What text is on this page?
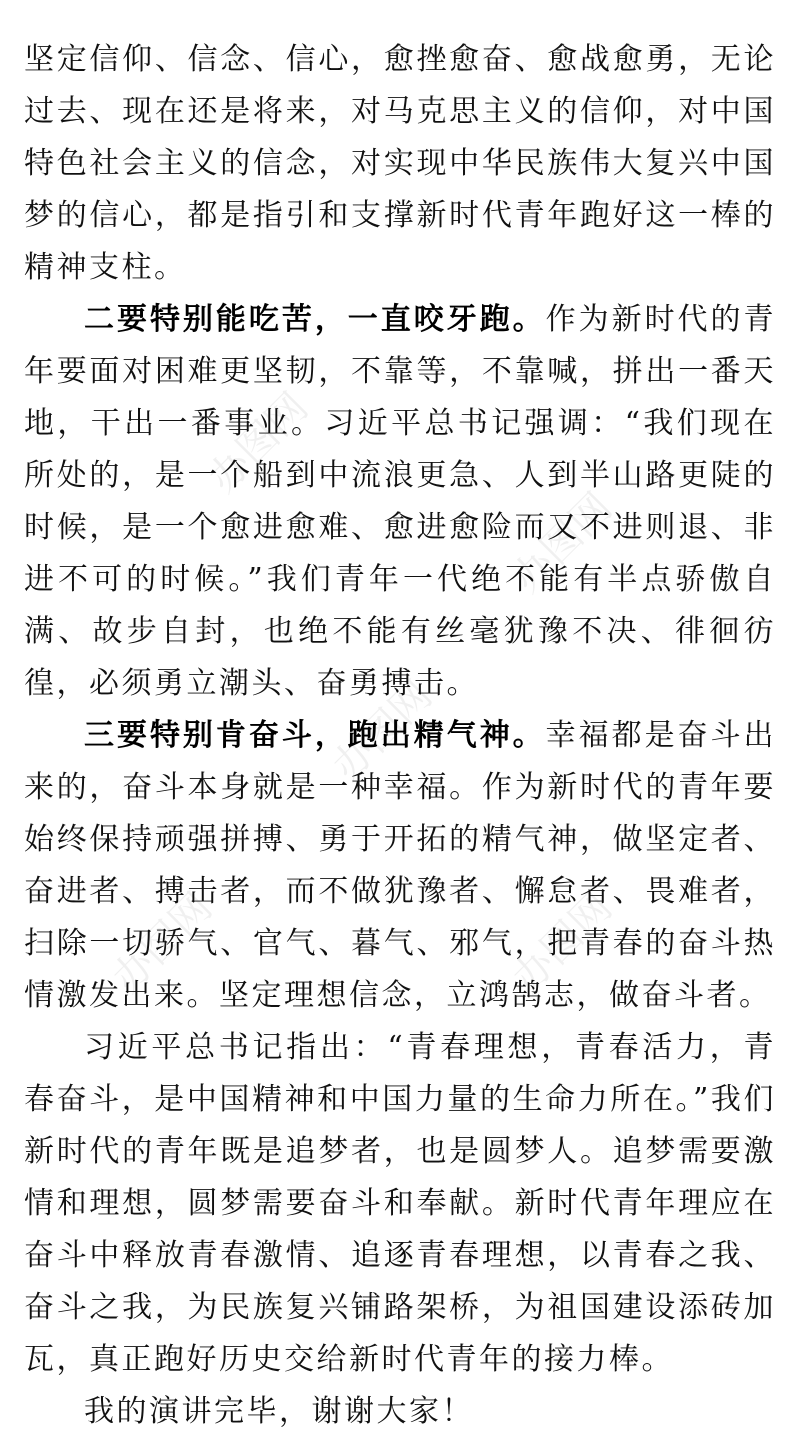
办图网
办图网
办图网
办图网	办图网

坚定信仰、信念、信心，愈挫愈奋、愈战愈勇，无论过去、现在还是将来，对马克思主义的信仰，对中国特色社会主义的信念，对实现中华民族伟大复兴中国梦的信心，都是指引和支撑新时代青年跑好这一棒的精神支柱。

二要特别能吃苦，一直咬牙跑。作为新时代的青年要面对困难更坚韧，不靠等，不靠喊，拼出一番天地，干出一番事业。习近平总书记强调：“我们现在所处的，是一个船到中流浪更急、人到半山路更陡的时候，是一个愈进愈难、愈进愈险而又不进则退、非进不可的时候。”我们青年一代绝不能有半点骄傲自满、故步自封，也绝不能有丝毫犹豫不决、徘徊彷徨，必须勇立潮头、奋勇搏击。

三要特别肯奋斗，跑出精气神。幸福都是奋斗出来的，奋斗本身就是一种幸福。作为新时代的青年要始终保持顽强拼搏、勇于开拓的精气神，做坚定者、奋进者、搏击者，而不做犹豫者、懈怠者、畏难者，扫除一切骄气、官气、暮气、邪气，把青春的奋斗热情激发出来。坚定理想信念，立鸿鹄志，做奋斗者。

习近平总书记指出：“青春理想，青春活力，青春奋斗，是中国精神和中国力量的生命力所在。”我们新时代的青年既是追梦者，也是圆梦人。追梦需要激情和理想，圆梦需要奋斗和奉献。新时代青年理应在奋斗中释放青春激情、追逐青春理想，以青春之我、奋斗之我，为民族复兴铺路架桥，为祖国建设添砖加瓦，真正跑好历史交给新时代青年的接力棒。

我的演讲完毕，谢谢大家！
